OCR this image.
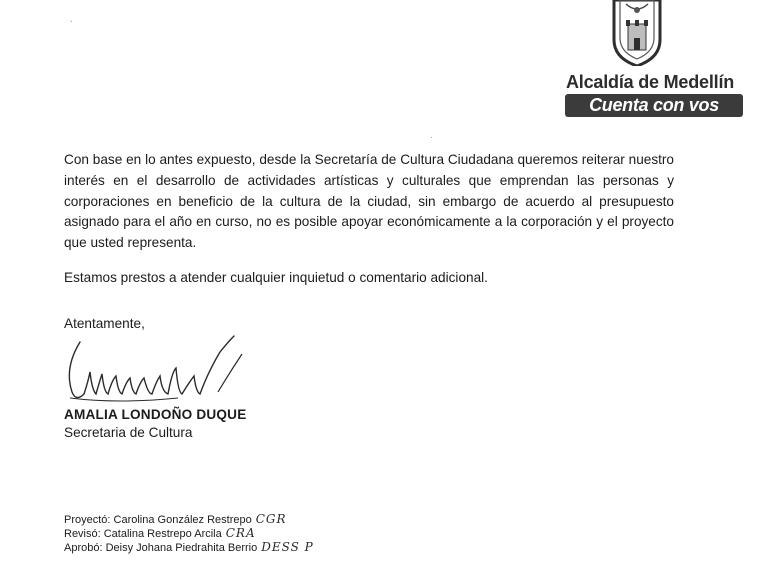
Alcaldía de Medellín
Cuenta con vos

Con base en lo antes expuesto, desde la Secretaría de Cultura Ciudadana queremos reiterar nuestro interés en el desarrollo de actividades artísticas y culturales que emprendan las personas y corporaciones en beneficio de la cultura de la ciudad, sin embargo de acuerdo al presupuesto asignado para el año en curso, no es posible apoyar económicamente a la corporación y el proyecto que usted representa.

Estamos prestos a atender cualquier inquietud o comentario adicional.

Atentamente,

AMALIA LONDOÑO DUQUE

Secretaria de Cultura

Proyectó: Carolina González Restrepo CGR
Revisó: Catalina Restrepo Arcila CRA
Aprobó: Deisy Johana Piedrahita Berrio DESS P
ˋ
·
